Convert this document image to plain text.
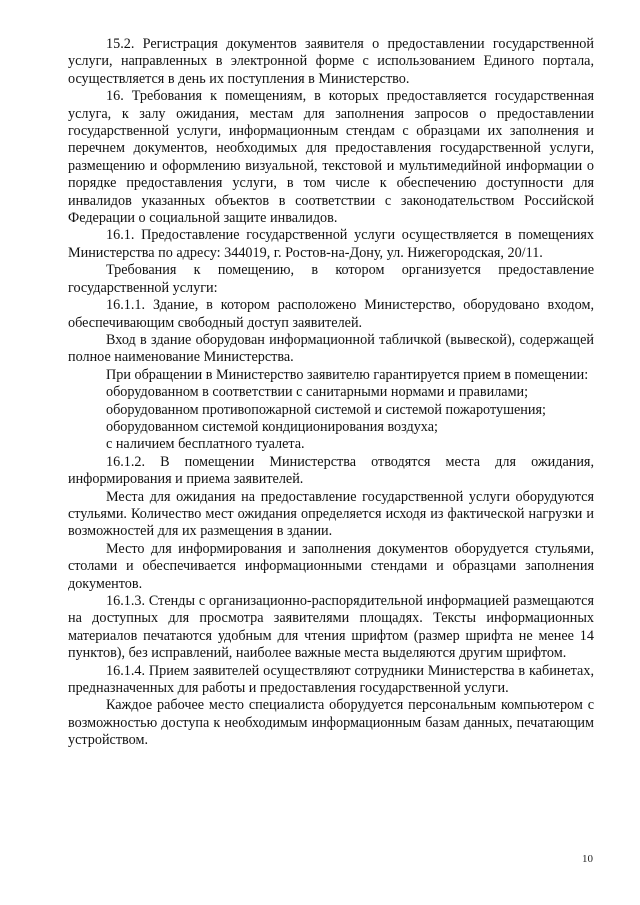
15.2. Регистрация документов заявителя о предоставлении государственной услуги, направленных в электронной форме с использованием Единого портала, осуществляется в день их поступления в Министерство.

16. Требования к помещениям, в которых предоставляется государственная услуга, к залу ожидания, местам для заполнения запросов о предоставлении государственной услуги, информационным стендам с образцами их заполнения и перечнем документов, необходимых для предоставления государственной услуги, размещению и оформлению визуальной, текстовой и мультимедийной информации о порядке предоставления услуги, в том числе к обеспечению доступности для инвалидов указанных объектов в соответствии с законодательством Российской Федерации о социальной защите инвалидов.

16.1. Предоставление государственной услуги осуществляется в помещениях Министерства по адресу: 344019, г. Ростов-на-Дону, ул. Нижегородская, 20/11.

Требования к помещению, в котором организуется предоставление государственной услуги:

16.1.1. Здание, в котором расположено Министерство, оборудовано входом, обеспечивающим свободный доступ заявителей.

Вход в здание оборудован информационной табличкой (вывеской), содержащей полное наименование Министерства.

При обращении в Министерство заявителю гарантируется прием в помещении:

оборудованном в соответствии с санитарными нормами и правилами;

оборудованном противопожарной системой и системой пожаротушения;

оборудованном системой кондиционирования воздуха;

с наличием бесплатного туалета.

16.1.2. В помещении Министерства отводятся места для ожидания, информирования и приема заявителей.

Места для ожидания на предоставление государственной услуги оборудуются стульями. Количество мест ожидания определяется исходя из фактической нагрузки и возможностей для их размещения в здании.

Место для информирования и заполнения документов оборудуется стульями, столами и обеспечивается информационными стендами и образцами заполнения документов.

16.1.3. Стенды с организационно-распорядительной информацией размещаются на доступных для просмотра заявителями площадях. Тексты информационных материалов печатаются удобным для чтения шрифтом (размер шрифта не менее 14 пунктов), без исправлений, наиболее важные места выделяются другим шрифтом.

16.1.4. Прием заявителей осуществляют сотрудники Министерства в кабинетах, предназначенных для работы и предоставления государственной услуги.

Каждое рабочее место специалиста оборудуется персональным компьютером с возможностью доступа к необходимым информационным базам данных, печатающим устройством.

10
